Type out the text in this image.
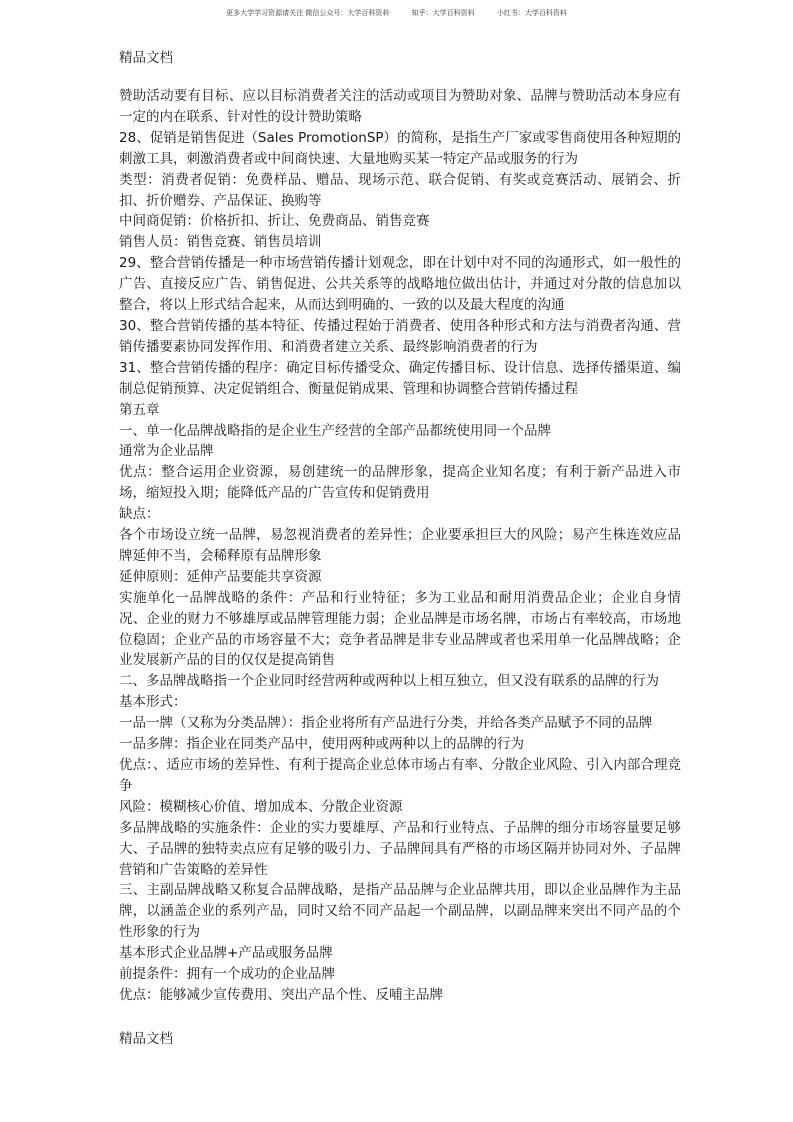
更多大学学习资源请关注 微信公众号：大学百科资料	知乎：大学百科资料	小红书：大学百科资料
精品文档

赞助活动要有目标、应以目标消费者关注的活动或项目为赞助对象、品牌与赞助活动本身应有一定的内在联系、针对性的设计赞助策略

28、促销是销售促进（Sales PromotionSP）的简称，是指生产厂家或零售商使用各种短期的刺激工具，刺激消费者或中间商快速、大量地购买某一特定产品或服务的行为

类型：消费者促销：免费样品、赠品、现场示范、联合促销、有奖或竞赛活动、展销会、折扣、折价赠券、产品保证、换购等

中间商促销：价格折扣、折让、免费商品、销售竞赛

销售人员：销售竞赛、销售员培训

29、整合营销传播是一种市场营销传播计划观念，即在计划中对不同的沟通形式，如一般性的广告、直接反应广告、销售促进、公共关系等的战略地位做出估计，并通过对分散的信息加以整合，将以上形式结合起来，从而达到明确的、一致的以及最大程度的沟通

30、整合营销传播的基本特征、传播过程始于消费者、使用各种形式和方法与消费者沟通、营销传播要素协同发挥作用、和消费者建立关系、最终影响消费者的行为

31、整合营销传播的程序：确定目标传播受众、确定传播目标、设计信息、选择传播渠道、编制总促销预算、决定促销组合、衡量促销成果、管理和协调整合营销传播过程

第五章

一、单一化品牌战略指的是企业生产经营的全部产品都统使用同一个品牌

通常为企业品牌

优点：整合运用企业资源，易创建统一的品牌形象，提高企业知名度；有利于新产品进入市场，缩短投入期；能降低产品的广告宣传和促销费用

缺点：

各个市场设立统一品牌，易忽视消费者的差异性；企业要承担巨大的风险；易产生株连效应品牌延伸不当，会稀释原有品牌形象

延伸原则：延伸产品要能共享资源

实施单化一品牌战略的条件：产品和行业特征；多为工业品和耐用消费品企业；企业自身情况、企业的财力不够雄厚或品牌管理能力弱；企业品牌是市场名牌，市场占有率较高，市场地位稳固；企业产品的市场容量不大；竞争者品牌是非专业品牌或者也采用单一化品牌战略；企业发展新产品的目的仅仅是提高销售

二、多品牌战略指一个企业同时经营两种或两种以上相互独立，但又没有联系的品牌的行为

基本形式：

一品一牌（又称为分类品牌）：指企业将所有产品进行分类，并给各类产品赋予不同的品牌

一品多牌：指企业在同类产品中，使用两种或两种以上的品牌的行为

优点：、适应市场的差异性、有利于提高企业总体市场占有率、分散企业风险、引入内部合理竞争

风险：模糊核心价值、增加成本、分散企业资源

多品牌战略的实施条件：企业的实力要雄厚、产品和行业特点、子品牌的细分市场容量要足够大、子品牌的独特卖点应有足够的吸引力、子品牌间具有严格的市场区隔并协同对外、子品牌营销和广告策略的差异性

三、主副品牌战略又称复合品牌战略，是指产品品牌与企业品牌共用，即以企业品牌作为主品牌，以涵盖企业的系列产品，同时又给不同产品起一个副品牌，以副品牌来突出不同产品的个性形象的行为

基本形式企业品牌+产品或服务品牌

前提条件：拥有一个成功的企业品牌

优点：能够减少宣传费用、突出产品个性、反哺主品牌

精品文档
